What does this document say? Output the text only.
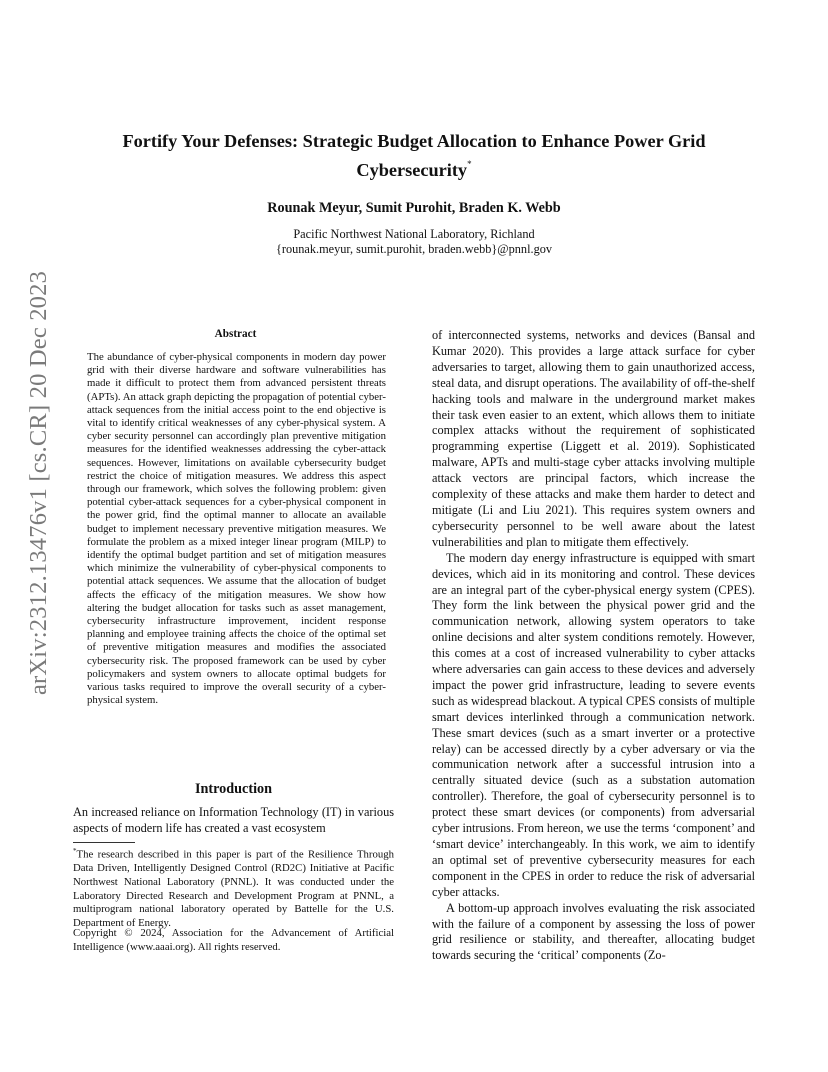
arXiv:2312.13476v1 [cs.CR] 20 Dec 2023
Fortify Your Defenses: Strategic Budget Allocation to Enhance Power Grid Cybersecurity*
Rounak Meyur, Sumit Purohit, Braden K. Webb
Pacific Northwest National Laboratory, Richland
{rounak.meyur, sumit.purohit, braden.webb}@pnnl.gov
Abstract

The abundance of cyber-physical components in modern day power grid with their diverse hardware and software vulnerabilities has made it difficult to protect them from advanced persistent threats (APTs). An attack graph depicting the propagation of potential cyber-attack sequences from the initial access point to the end objective is vital to identify critical weaknesses of any cyber-physical system. A cyber security personnel can accordingly plan preventive mitigation measures for the identified weaknesses addressing the cyber-attack sequences. However, limitations on available cybersecurity budget restrict the choice of mitigation measures. We address this aspect through our framework, which solves the following problem: given potential cyber-attack sequences for a cyber-physical component in the power grid, find the optimal manner to allocate an available budget to implement necessary preventive mitigation measures. We formulate the problem as a mixed integer linear program (MILP) to identify the optimal budget partition and set of mitigation measures which minimize the vulnerability of cyber-physical components to potential attack sequences. We assume that the allocation of budget affects the efficacy of the mitigation measures. We show how altering the budget allocation for tasks such as asset management, cybersecurity infrastructure improvement, incident response planning and employee training affects the choice of the optimal set of preventive mitigation measures and modifies the associated cybersecurity risk. The proposed framework can be used by cyber policymakers and system owners to allocate optimal budgets for various tasks required to improve the overall security of a cyber-physical system.

Introduction

An increased reliance on Information Technology (IT) in various aspects of modern life has created a vast ecosystem

*The research described in this paper is part of the Resilience Through Data Driven, Intelligently Designed Control (RD2C) Initiative at Pacific Northwest National Laboratory (PNNL). It was conducted under the Laboratory Directed Research and Development Program at PNNL, a multiprogram national laboratory operated by Battelle for the U.S. Department of Energy.

Copyright © 2024, Association for the Advancement of Artificial Intelligence (www.aaai.org). All rights reserved.

of interconnected systems, networks and devices (Bansal and Kumar 2020). This provides a large attack surface for cyber adversaries to target, allowing them to gain unauthorized access, steal data, and disrupt operations. The availability of off-the-shelf hacking tools and malware in the underground market makes their task even easier to an extent, which allows them to initiate complex attacks without the requirement of sophisticated programming expertise (Liggett et al. 2019). Sophisticated malware, APTs and multi-stage cyber attacks involving multiple attack vectors are principal factors, which increase the complexity of these attacks and make them harder to detect and mitigate (Li and Liu 2021). This requires system owners and cybersecurity personnel to be well aware about the latest vulnerabilities and plan to mitigate them effectively.

The modern day energy infrastructure is equipped with smart devices, which aid in its monitoring and control. These devices are an integral part of the cyber-physical energy system (CPES). They form the link between the physical power grid and the communication network, allowing system operators to take online decisions and alter system conditions remotely. However, this comes at a cost of increased vulnerability to cyber attacks where adversaries can gain access to these devices and adversely impact the power grid infrastructure, leading to severe events such as widespread blackout. A typical CPES consists of multiple smart devices interlinked through a communication network. These smart devices (such as a smart inverter or a protective relay) can be accessed directly by a cyber adversary or via the communication network after a successful intrusion into a centrally situated device (such as a substation automation controller). Therefore, the goal of cybersecurity personnel is to protect these smart devices (or components) from adversarial cyber intrusions. From hereon, we use the terms ‘component’ and ‘smart device’ interchangeably. In this work, we aim to identify an optimal set of preventive cybersecurity measures for each component in the CPES in order to reduce the risk of adversarial cyber attacks.

A bottom-up approach involves evaluating the risk associated with the failure of a component by assessing the loss of power grid resilience or stability, and thereafter, allocating budget towards securing the ‘critical’ components (Zo-
